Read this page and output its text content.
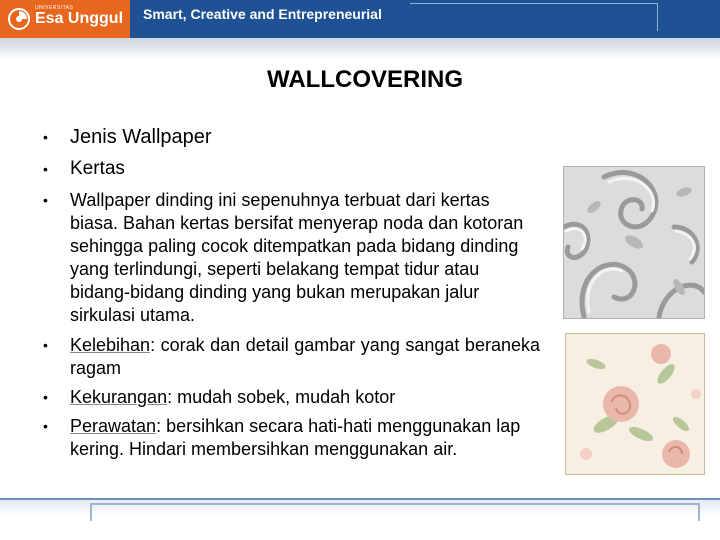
UNIVERSITAS
Esa Unggul Smart, Creative and Entrepreneurial
WALLCOVERING
• Jenis Wallpaper
• Kertas
• Wallpaper dinding ini sepenuhnya terbuat dari kertas biasa. Bahan kertas bersifat menyerap noda dan kotoran sehingga paling cocok ditempatkan pada bidang dinding yang terlindungi, seperti belakang tempat tidur atau bidang-bidang dinding yang bukan merupakan jalur sirkulasi utama.
• Kelebihan: corak dan detail gambar yang sangat beraneka ragam
• Kekurangan: mudah sobek, mudah kotor
• Perawatan: bersihkan secara hati-hati menggunakan lap kering. Hindari membersihkan menggunakan air.
